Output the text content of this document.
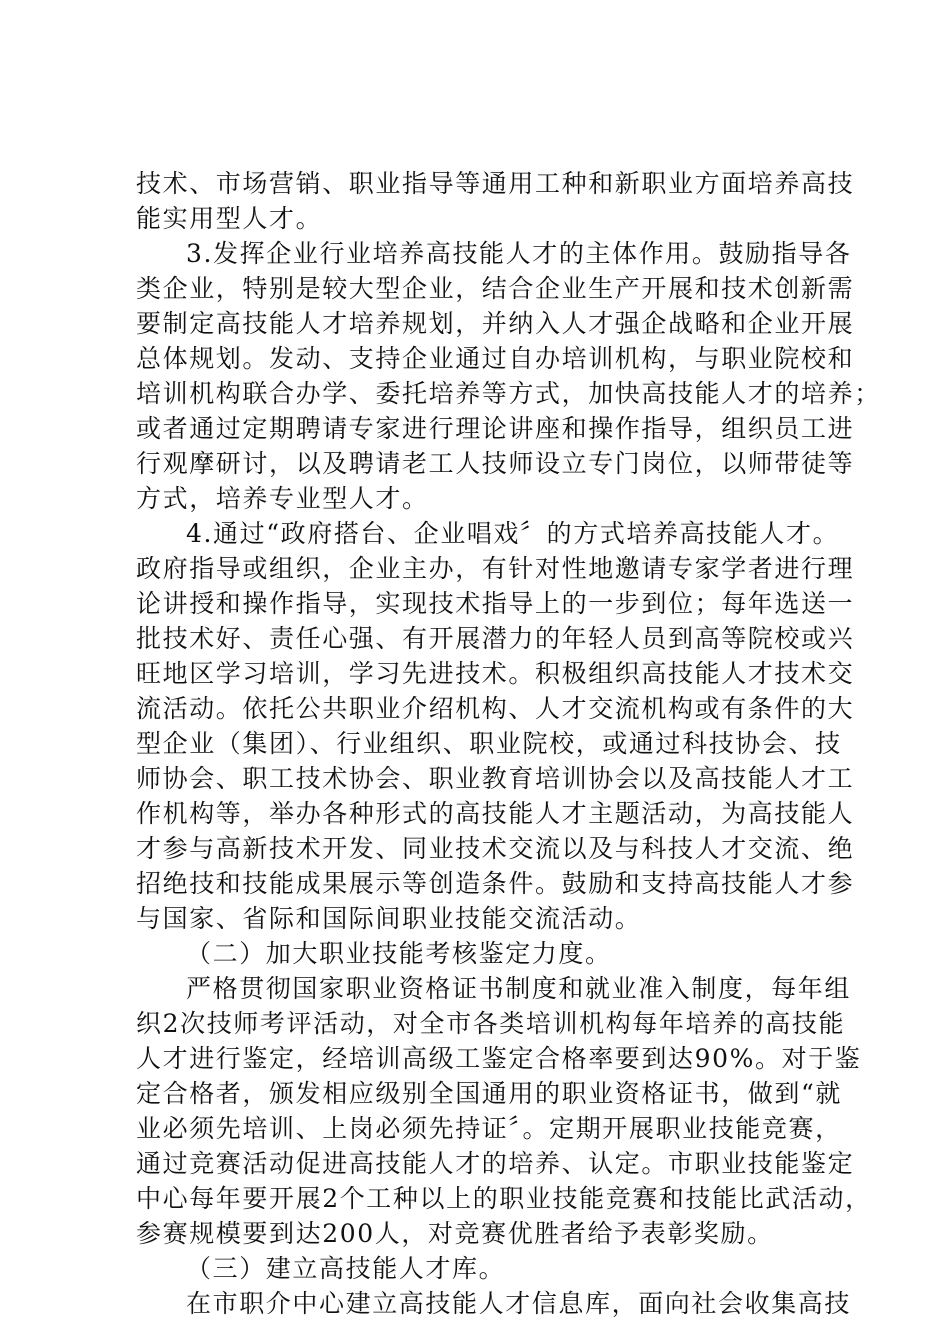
技术、市场营销、职业指导等通用工种和新职业方面培养高技
能实用型人才。
3.发挥企业行业培养高技能人才的主体作用。鼓励指导各
类企业，特别是较大型企业，结合企业生产开展和技术创新需
要制定高技能人才培养规划，并纳入人才强企战略和企业开展
总体规划。发动、支持企业通过自办培训机构，与职业院校和
培训机构联合办学、委托培养等方式，加快高技能人才的培养；
或者通过定期聘请专家进行理论讲座和操作指导，组织员工进
行观摩研讨，以及聘请老工人技师设立专门岗位，以师带徒等
方式，培养专业型人才。
4.通过“政府搭台、企业唱戏〞的方式培养高技能人才。
政府指导或组织，企业主办，有针对性地邀请专家学者进行理
论讲授和操作指导，实现技术指导上的一步到位；每年选送一
批技术好、责任心强、有开展潜力的年轻人员到高等院校或兴
旺地区学习培训，学习先进技术。积极组织高技能人才技术交
流活动。依托公共职业介绍机构、人才交流机构或有条件的大
型企业（集团）、行业组织、职业院校，或通过科技协会、技
师协会、职工技术协会、职业教育培训协会以及高技能人才工
作机构等，举办各种形式的高技能人才主题活动，为高技能人
才参与高新技术开发、同业技术交流以及与科技人才交流、绝
招绝技和技能成果展示等创造条件。鼓励和支持高技能人才参
与国家、省际和国际间职业技能交流活动。
（二）加大职业技能考核鉴定力度。
严格贯彻国家职业资格证书制度和就业准入制度，每年组
织2次技师考评活动，对全市各类培训机构每年培养的高技能
人才进行鉴定，经培训高级工鉴定合格率要到达90%。对于鉴
定合格者，颁发相应级别全国通用的职业资格证书，做到“就
业必须先培训、上岗必须先持证〞。定期开展职业技能竞赛，
通过竞赛活动促进高技能人才的培养、认定。市职业技能鉴定
中心每年要开展2个工种以上的职业技能竞赛和技能比武活动，
参赛规模要到达200人，对竞赛优胜者给予表彰奖励。
（三）建立高技能人才库。
在市职介中心建立高技能人才信息库，面向社会收集高技
